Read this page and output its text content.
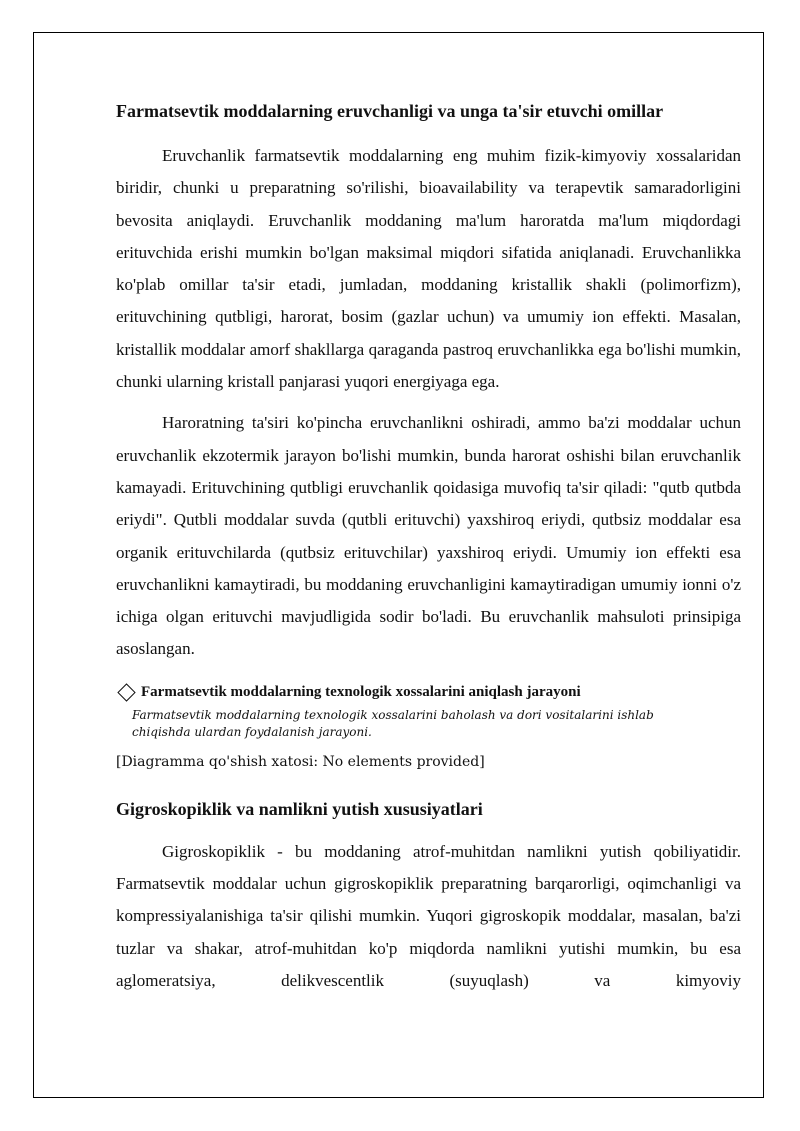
Farmatsevtik moddalarning eruvchanligi va unga ta'sir etuvchi omillar

Eruvchanlik farmatsevtik moddalarning eng muhim fizik-kimyoviy xossalaridan biridir, chunki u preparatning so'rilishi, bioavailability va terapevtik samaradorligini bevosita aniqlaydi. Eruvchanlik moddaning ma'lum haroratda ma'lum miqdordagi erituvchida erishi mumkin bo'lgan maksimal miqdori sifatida aniqlanadi. Eruvchanlikka ko'plab omillar ta'sir etadi, jumladan, moddaning kristallik shakli (polimorfizm), erituvchining qutbligi, harorat, bosim (gazlar uchun) va umumiy ion effekti. Masalan, kristallik moddalar amorf shakllarga qaraganda pastroq eruvchanlikka ega bo'lishi mumkin, chunki ularning kristall panjarasi yuqori energiyaga ega.

Haroratning ta'siri ko'pincha eruvchanlikni oshiradi, ammo ba'zi moddalar uchun eruvchanlik ekzotermik jarayon bo'lishi mumkin, bunda harorat oshishi bilan eruvchanlik kamayadi. Erituvchining qutbligi eruvchanlik qoidasiga muvofiq ta'sir qiladi: "qutb qutbda eriydi". Qutbli moddalar suvda (qutbli erituvchi) yaxshiroq eriydi, qutbsiz moddalar esa organik erituvchilarda (qutbsiz erituvchilar) yaxshiroq eriydi. Umumiy ion effekti esa eruvchanlikni kamaytiradi, bu moddaning eruvchanligini kamaytiradigan umumiy ionni o'z ichiga olgan erituvchi mavjudligida sodir bo'ladi. Bu eruvchanlik mahsuloti prinsipiga asoslangan.

Farmatsevtik moddalarning texnologik xossalarini aniqlash jarayoni
Farmatsevtik moddalarning texnologik xossalarini baholash va dori vositalarini ishlab chiqishda ulardan foydalanish jarayoni.
[Diagramma qo'shish xatosi: No elements provided]
Gigroskopiklik va namlikni yutish xususiyatlari

Gigroskopiklik - bu moddaning atrof-muhitdan namlikni yutish qobiliyatidir. Farmatsevtik moddalar uchun gigroskopiklik preparatning barqarorligi, oqimchanligi va kompressiyalanishiga ta'sir qilishi mumkin. Yuqori gigroskopik moddalar, masalan, ba'zi tuzlar va shakar, atrof-muhitdan ko'p miqdorda namlikni yutishi mumkin, bu esa aglomeratsiya, delikvescentlik (suyuqlash) va kimyoviy
